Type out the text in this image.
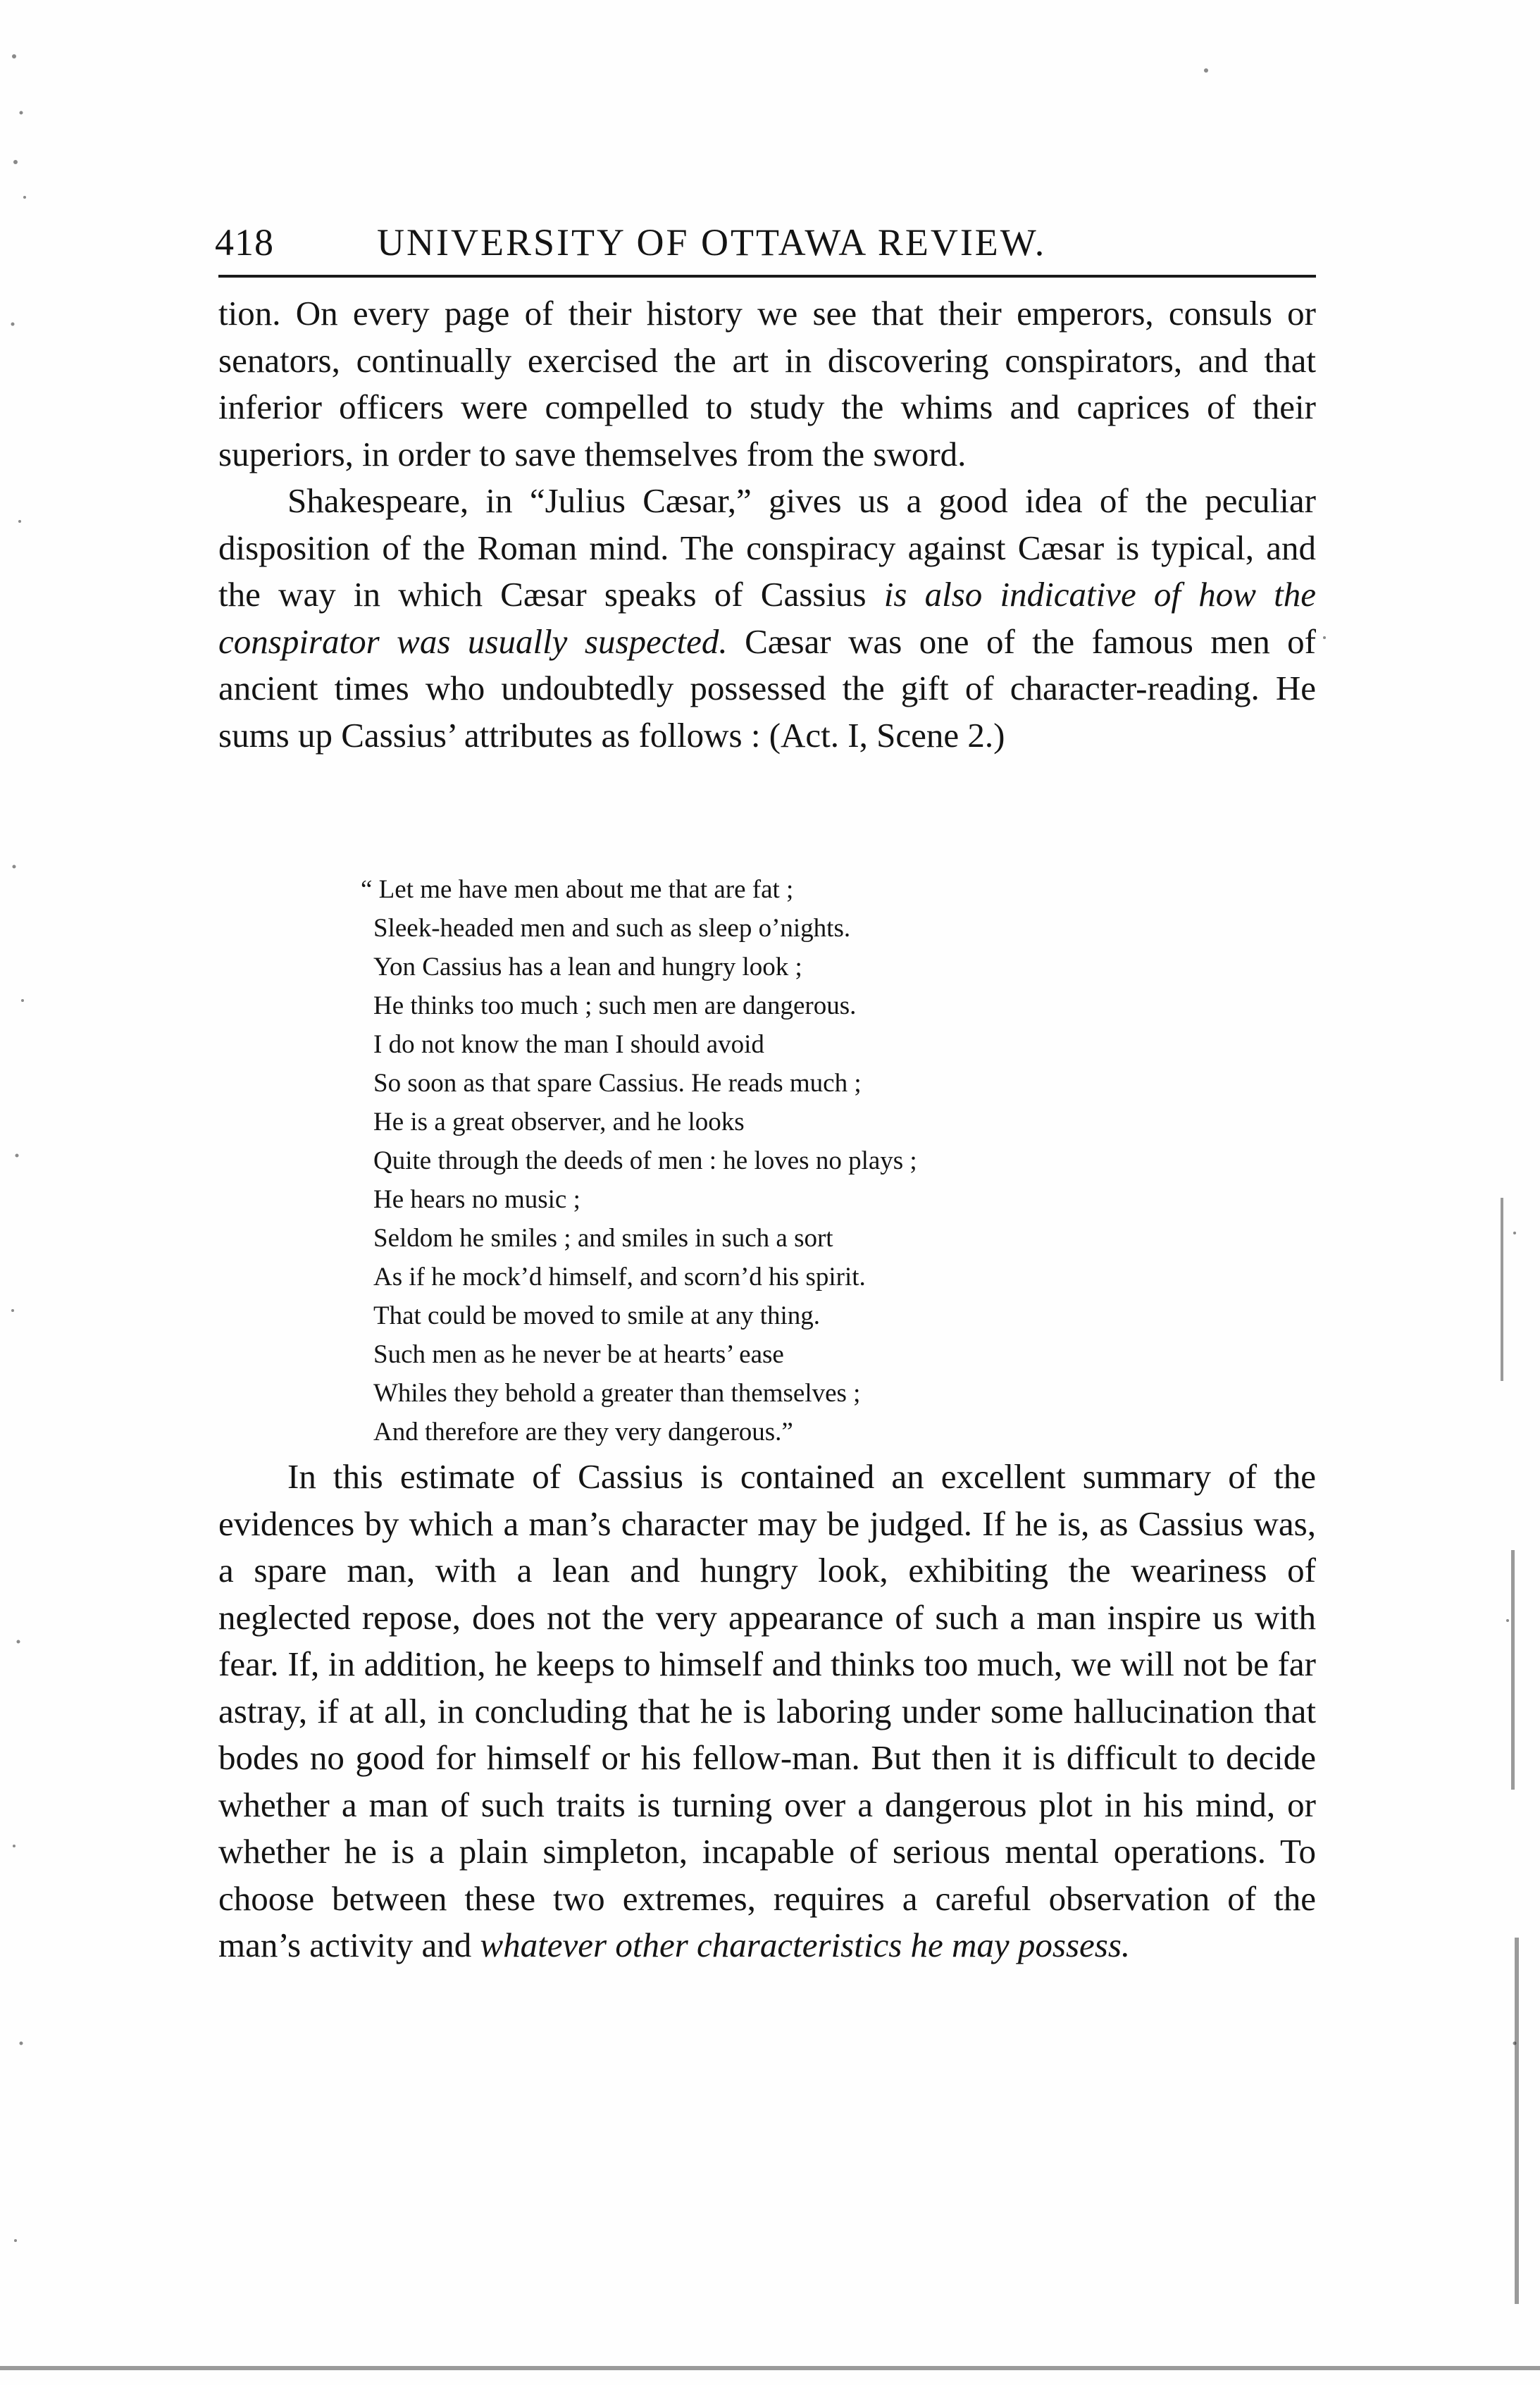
418	UNIVERSITY OF OTTAWA REVIEW.

tion. On every page of their history we see that their emperors, consuls or senators, continually exercised the art in discovering conspirators, and that inferior officers were compelled to study the whims and caprices of their superiors, in order to save themselves from the sword.

Shakespeare, in “Julius Cæsar,” gives us a good idea of the peculiar disposition of the Roman mind. The conspiracy against Cæsar is typical, and the way in which Cæsar speaks of Cassius is also indicative of how the conspirator was usually suspected. Cæsar was one of the famous men of ancient times who undoubtedly possessed the gift of character-reading. He sums up Cassius’ attributes as follows : (Act. I, Scene 2.)

“ Let me have men about me that are fat ;
Sleek-headed men and such as sleep o’nights.
Yon Cassius has a lean and hungry look ;
He thinks too much ; such men are dangerous.
I do not know the man I should avoid
So soon as that spare Cassius. He reads much ;
He is a great observer, and he looks
Quite through the deeds of men : he loves no plays ;
He hears no music ;
Seldom he smiles ; and smiles in such a sort
As if he mock’d himself, and scorn’d his spirit.
That could be moved to smile at any thing.
Such men as he never be at hearts’ ease
Whiles they behold a greater than themselves ;
And therefore are they very dangerous.”

In this estimate of Cassius is contained an excellent summary of the evidences by which a man’s character may be judged. If he is, as Cassius was, a spare man, with a lean and hungry look, exhibiting the weariness of neglected repose, does not the very appearance of such a man inspire us with fear. If, in addition, he keeps to himself and thinks too much, we will not be far astray, if at all, in concluding that he is laboring under some hallucination that bodes no good for himself or his fellow-man. But then it is difficult to decide whether a man of such traits is turning over a dangerous plot in his mind, or whether he is a plain simpleton, incapable of serious mental operations. To choose between these two extremes, requires a careful observation of the man’s activity and whatever other characteristics he may possess.
